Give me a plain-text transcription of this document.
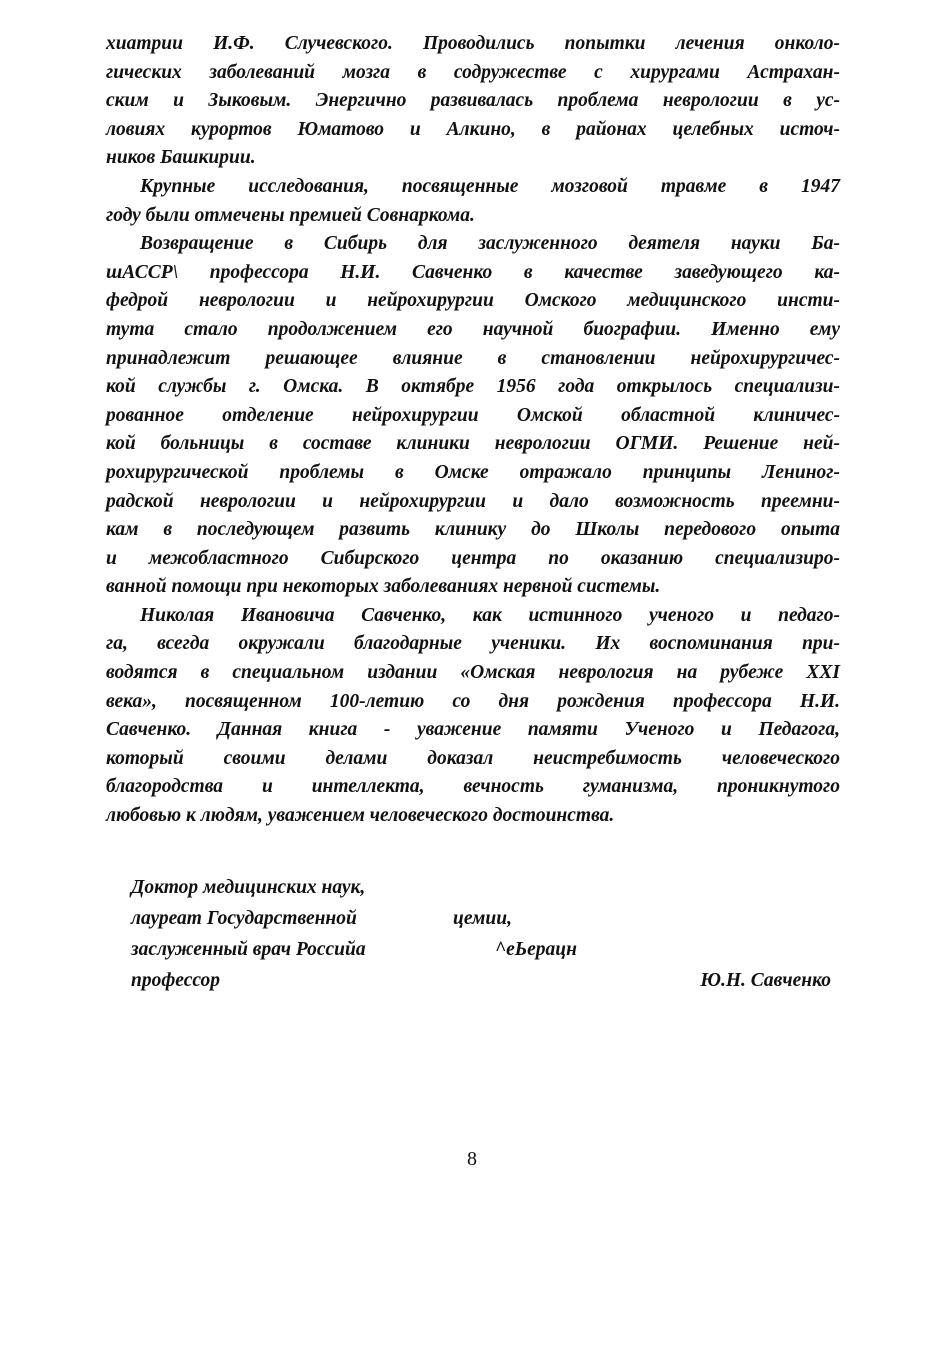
хиатрии И.Ф. Случевского. Проводились попытки лечения онколо-
гических заболеваний мозга в содружестве с хирургами Астрахан-
ским и Зыковым. Энергично развивалась проблема неврологии в ус-
ловиях курортов Юматово и Алкино, в районах целебных источ-
ников Башкирии.
Крупные исследования, посвященные мозговой травме в 1947
году были отмечены премией Совнаркома.
Возвращение в Сибирь для заслуженного деятеля науки Ба-
шАССР\ профессора Н.И. Савченко в качестве заведующего ка-
федрой неврологии и нейрохирургии Омского медицинского инсти-
тута стало продолжением его научной биографии. Именно ему
принадлежит решающее влияние в становлении нейрохирургичес-
кой службы г. Омска. В октябре 1956 года открылось специализи-
рованное отделение нейрохирургии Омской областной клиничес-
кой больницы в составе клиники неврологии ОГМИ. Решение ней-
рохирургической проблемы в Омске отражало принципы Лениног-
радской неврологии и нейрохирургии и дало возможность преемни-
кам в последующем развить клинику до Школы передового опыта
и межобластного Сибирского центра по оказанию специализиро-
ванной помощи при некоторых заболеваниях нервной системы.
Николая Ивановича Савченко, как истинного ученого и педаго-
га, всегда окружали благодарные ученики. Их воспоминания при-
водятся в специальном издании «Омская неврология на рубеже XXI
века», посвященном 100-летию со дня рождения профессора Н.И.
Савченко. Данная книга - уважение памяти Ученого и Педагога,
который своими делами доказал неистребимость человеческого
благородства и интеллекта, вечность гуманизма, проникнутого
любовью к людям, уважением человеческого достоинства.
Доктор медицинских наук,
лауреат Государственной	цемии,
заслуженный врач Российа	^еЬерацн
профессор	Ю.Н. Савченко
8
